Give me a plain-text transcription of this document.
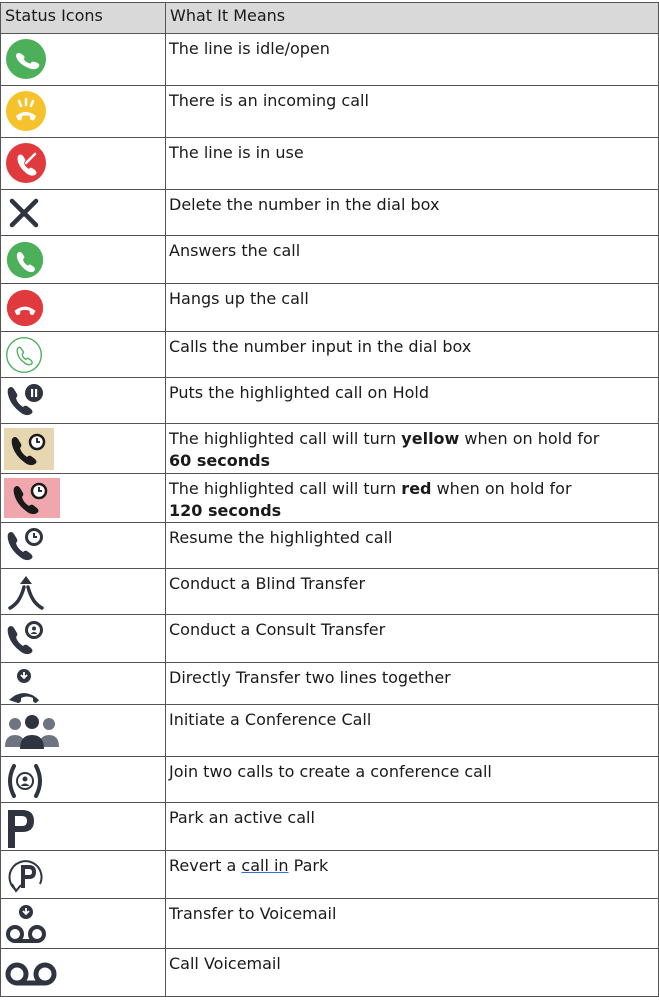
Status Icons	What It Means

The line is idle/open

There is an incoming call

The line is in use

Delete the number in the dial box

Answers the call

Hangs up the call

Calls the number input in the dial box

Puts the highlighted call on Hold

The highlighted call will turn yellow when on hold for
60 seconds

The highlighted call will turn red when on hold for
120 seconds

Resume the highlighted call

Conduct a Blind Transfer

Conduct a Consult Transfer

Directly Transfer two lines together

Initiate a Conference Call

Join two calls to create a conference call

Park an active call

Revert a call in Park

Transfer to Voicemail

Call Voicemail
